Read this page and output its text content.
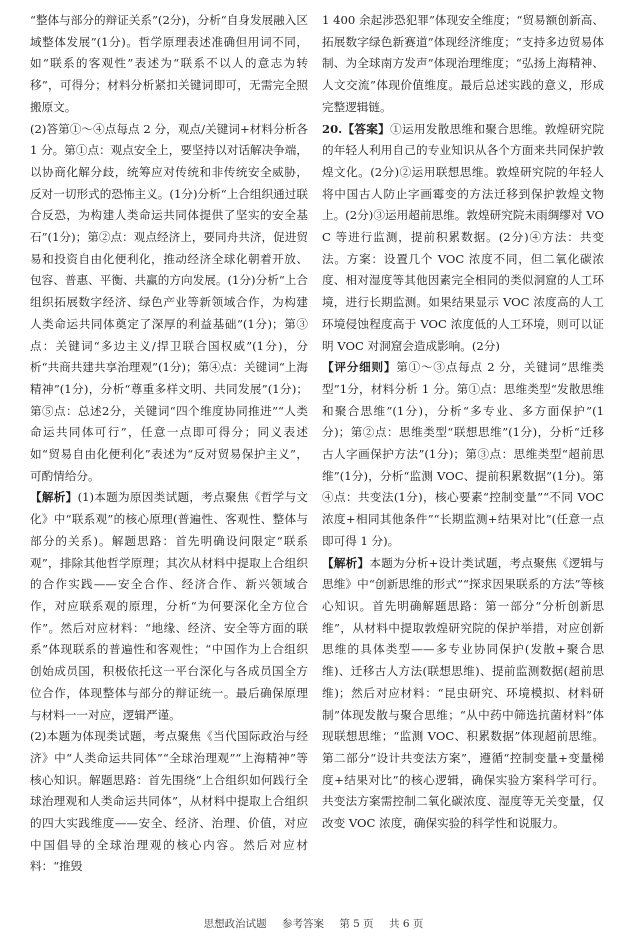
“整体与部分的辩证关系”(2分)，分析“自身发展融入区域整体发展”(1分)。哲学原理表述准确但用词不同，如“联系的客观性”表述为“联系不以人的意志为转移”，可得分；材料分析紧扣关键词即可，无需完全照搬原文。

(2)答第①～④点每点 2 分，观点/关键词+材料分析各 1 分。第①点：观点安全上，要坚持以对话解决争端，以协商化解分歧，统筹应对传统和非传统安全威胁，反对一切形式的恐怖主义。(1分)分析“上合组织通过联合反恐，为构建人类命运共同体提供了坚实的安全基石”(1分)；第②点：观点经济上，要同舟共济，促进贸易和投资自由化便利化，推动经济全球化朝着开放、包容、普惠、平衡、共赢的方向发展。(1分)分析“上合组织拓展数字经济、绿色产业等新领域合作，为构建人类命运共同体奠定了深厚的利益基础”(1分)；第③点：关键词“多边主义/捍卫联合国权威”(1分)，分析“共商共建共享治理观”(1分)；第④点：关键词“上海精神”(1分)，分析“尊重多样文明、共同发展”(1分)；第⑤点：总述2分，关键词“四个维度协同推进”“人类命运共同体可行”，任意一点即可得分；同义表述如“贸易自由化便利化”表述为“反对贸易保护主义”，可酌情给分。

【解析】(1)本题为原因类试题，考点聚焦《哲学与文化》中“联系观”的核心原理(普遍性、客观性、整体与部分的关系)。解题思路：首先明确设问限定“联系观”，排除其他哲学原理；其次从材料中提取上合组织的合作实践——安全合作、经济合作、新兴领域合作，对应联系观的原理，分析“为何要深化全方位合作”。然后对应材料：“地缘、经济、安全等方面的联系”体现联系的普遍性和客观性；“中国作为上合组织创始成员国，积极依托这一平台深化与各成员国全方位合作，体现整体与部分的辩证统一。最后确保原理与材料一一对应，逻辑严谨。

(2)本题为体现类试题，考点聚焦《当代国际政治与经济》中“人类命运共同体”“全球治理观”“上海精神”等核心知识。解题思路：首先围绕“上合组织如何践行全球治理观和人类命运共同体”，从材料中提取上合组织的四大实践维度——安全、经济、治理、价值，对应中国倡导的全球治理观的核心内容。然后对应材料：“推毁

1 400 余起涉恐犯罪”体现安全维度；“贸易额创新高、拓展数字绿色新赛道”体现经济维度；“支持多边贸易体制、为全球南方发声”体现治理维度；“弘扬上海精神、人文交流”体现价值维度。最后总述实践的意义，形成完整逻辑链。

20.【答案】①运用发散思维和聚合思维。敦煌研究院的年轻人利用自己的专业知识从各个方面来共同保护敦煌文化。(2分)②运用联想思维。敦煌研究院的年轻人将中国古人防止字画霉变的方法迁移到保护敦煌文物上。(2分)③运用超前思维。敦煌研究院未雨绸缪对 VOC 等进行监测，提前积累数据。(2分)④方法：共变法。方案：设置几个 VOC 浓度不同，但二氧化碳浓度、相对湿度等其他因素完全相同的类似洞窟的人工环境，进行长期监测。如果结果显示 VOC 浓度高的人工环境侵蚀程度高于 VOC 浓度低的人工环境，则可以证明 VOC 对洞窟会造成影响。(2分)

【评分细则】第①～③点每点 2 分，关键词“思维类型”1分，材料分析 1 分。第①点：思维类型“发散思维和聚合思维”(1分)，分析“多专业、多方面保护”(1分)；第②点：思维类型“联想思维”(1分)，分析“迁移古人字画保护方法”(1分)；第③点：思维类型“超前思维”(1分)，分析“监测 VOC、提前积累数据”(1分)。第④点：共变法(1分)，核心要素“控制变量”“不同 VOC 浓度+相同其他条件”“长期监测+结果对比”(任意一点即可得 1 分)。

【解析】本题为分析+设计类试题，考点聚焦《逻辑与思维》中“创新思维的形式”“探求因果联系的方法”等核心知识。首先明确解题思路：第一部分“分析创新思维”，从材料中提取敦煌研究院的保护举措，对应创新思维的具体类型——多专业协同保护(发散+聚合思维)、迁移古人方法(联想思维)、提前监测数据(超前思维)；然后对应材料：“昆虫研究、环境模拟、材料研制”体现发散与聚合思维；“从中药中筛选抗菌材料”体现联想思维；“监测 VOC、积累数据”体现超前思维。第二部分“设计共变法方案”，遵循“控制变量+变量梯度+结果对比”的核心逻辑，确保实验方案科学可行。共变法方案需控制二氧化碳浓度、湿度等无关变量，仅改变 VOC 浓度，确保实验的科学性和说服力。

思想政治试题 参考答案 第 5 页 共 6 页
